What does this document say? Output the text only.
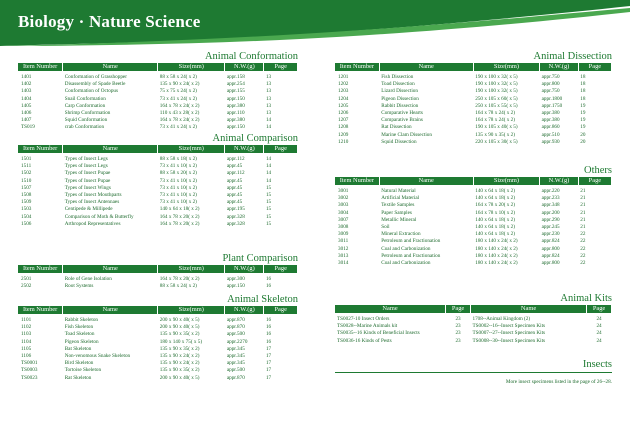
Biology · Nature Science
Animal Conformation
Item Number	Name	Size(mm)	N.W.(g)	Page

1401	Conformation of Grasshopper	88 x 58 x 24( x 2)	appr.158	13
1402	Disassembly of Spade Beetle	135 x 90 x 24( x 2)	appr.254	13
1403	Conformation of Octopus	75 x 75 x 24( x 2)	appr.155	13
1404	Snail Conformation	73 x 41 x 24( x 2)	appr.150	13
1405	Carp Conformation	164 x 78 x 24( x 2)	appr.380	13
1406	Shrimp Conformation	110 x 43 x 28( x 2)	appr.110	13
1407	Squid Conformation	164 x 78 x 24( x 2)	appr.380	14
TS019	crab Conformation	73 x 41 x 24( x 2)	appr.150	14
Animal Comparison
Item Number	Name	Size(mm)	N.W.(g)	Page

1501	Types of Insect Legs	88 x 58 x 18( x 2)	appr.112	14
1511	Types of Insect Legs	73 x 41 x 10( x 2)	appr.45	14
1502	Types of Insect Pupae	88 x 58 x 20( x 2)	appr.112	14
1510	Types of Insect Pupae	73 x 41 x 10( x 2)	appr.45	14
1507	Types of Insect Wings	73 x 41 x 10( x 2)	appr.45	15
1508	Types of Insect Mouthparts	73 x 41 x 10( x 2)	appr.45	15
1509	Types of Insect Antennaes	73 x 41 x 10( x 2)	appr.45	15
1503	Centipede & Millipede	140 x 64 x 18( x 2)	appr.195	15
1504	Comparison of Moth & Butterfly	164 x 78 x 20( x 2)	appr.328	15
1506	Arthropod Representatives	164 x 78 x 20( x 2)	appr.328	15
Plant Comparison
Item Number	Name	Size(mm)	N.W.(g)	Page

2501	Role of Gene Isolation	164 x 78 x 20( x 2)	appr.300	16
2502	Root Systems	88 x 58 x 24( x 2)	appr.150	16
Animal Skeleton
Item Number	Name	Size(mm)	N.W.(g)	Page

1101	Rabbit Skeleton	200 x 90 x 40( x 5)	appr.870	16
1102	Fish Skeleton	200 x 90 x 40( x 5)	appr.870	16
1103	Toad Skeleton	135 x 90 x 35( x 2)	appr.500	16
1104	Pigeon Skeleton	180 x 140 x 75( x 5)	appr.2270	16
1105	Bat Skeleton	135 x 90 x 35( x 2)	appr.345	17
1106	Non-venomous Snake Skeleton	135 x 90 x 24( x 2)	appr.345	17
TS0001	Bird Skeleton	135 x 90 x 24( x 2)	appr.345	17
TS0003	Tortoise Skeleton	135 x 90 x 35( x 2)	appr.500	17
TS0023	Rat Skeleton	200 x 90 x 40( x 5)	appr.870	17
Animal Dissection
Item Number	Name	Size(mm)	N.W.(g)	Page

1201	Fish Dissection	190 x 100 x 32( x 5)	appr.750	18
1202	Toad Dissection	190 x 100 x 32( x 5)	appr.800	18
1203	Lizard Dissection	190 x 100 x 32( x 5)	appr.750	18
1204	Pigeon Dissection	250 x 105 x 60( x 5)	appr.1800	18
1205	Rabbit Dissection	250 x 105 x 55( x 5)	appr.1750	19
1206	Comparative Hearts	164 x 78 x 24( x 2)	appr.380	19
1207	Comparative Brains	164 x 78 x 24( x 2)	appr.380	19
1208	Rat Dissection	190 x 105 x 40( x 5)	appr.860	19
1209	Marine Clam Dissection	135 x 90 x 35( x 2)	appr.510	20
1210	Squid Dissection	220 x 105 x 30( x 5)	appr.930	20
Others
Item Number	Name	Size(mm)	N.W.(g)	Page

3001	Natural Material	140 x 64 x 18( x 2)	appr.220	21
3002	Artificial Material	140 x 64 x 18( x 2)	appr.233	21
3003	Textile Samples	164 x 78 x 20( x 2)	appr.348	21
3004	Paper Samples	164 x 78 x 10( x 2)	appr.200	21
3007	Metallic Mineral	140 x 64 x 18( x 2)	appr.290	21
3008	Soil	140 x 64 x 18( x 2)	appr.245	21
3009	Mineral Extraction	140 x 64 x 18( x 2)	appr.230	22
3011	Petroleum and Fractionation	180 x 140 x 24( x 2)	appr.824	22
3012	Coal and Carbonization	180 x 140 x 24( x 2)	appr.800	22
3013	Petroleum and Fractionation	180 x 140 x 24( x 2)	appr.824	22
3014	Coal and Carbonization	180 x 140 x 24( x 2)	appr.800	22
Animal Kits
Name	Page	Name	Page

TS0027-10 Insect Orders	23	1708--Animal Kingdom (2)	24
TS0028--Marine Animals kit	23	TS0002--16--Insect Specimen Kits	24
TS0035--16 Kinds of Beneficial Insects	23	TS0007--27--Insect Specimen Kits	24
TS0036-16 Kinds of Pests	23	TS0008--30--Insect Specimen Kits	24
Insects
More insect specimens listed in the page of 26--28.
